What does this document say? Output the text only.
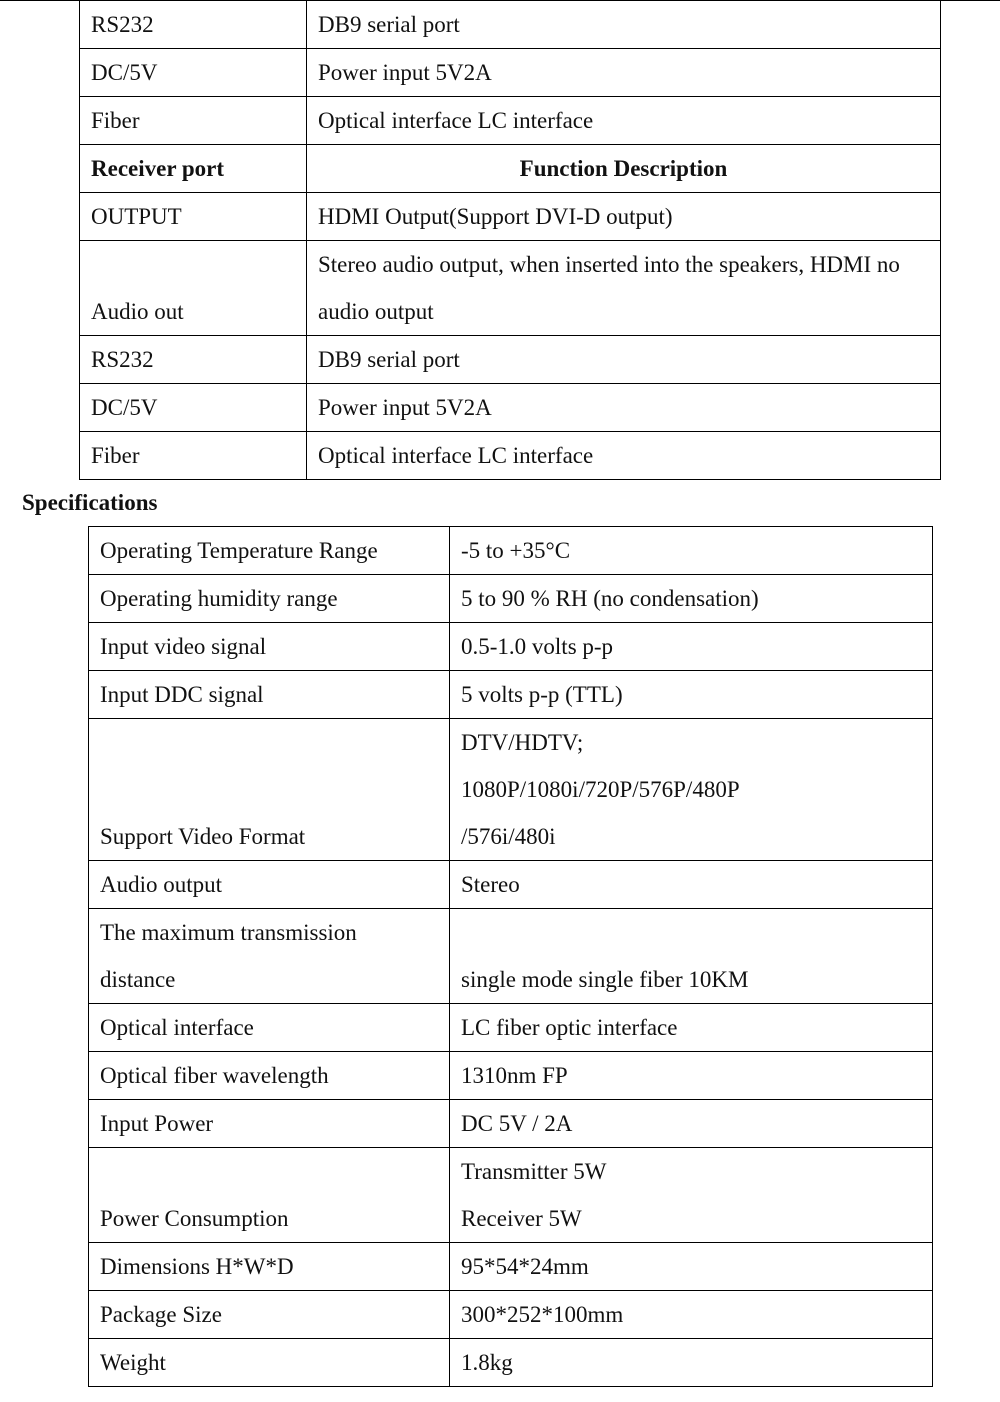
RS232	DB9 serial port

DC/5V	Power input 5V2A

Fiber	Optical interface LC interface

Receiver port	Function Description
OUTPUT	HDMI Output(Support DVI-D output)

Audio out	Stereo audio output, when inserted into the speakers, HDMI no
audio output

RS232	DB9 serial port

DC/5V	Power input 5V2A

Fiber	Optical interface LC interface
Specifications
Operating Temperature Range	-5 to +35°C

Operating humidity range	5 to 90 % RH (no condensation)

Input video signal	0.5-1.0 volts p-p

Input DDC signal	5 volts p-p (TTL)

Support Video Format	DTV/HDTV;
1080P/1080i/720P/576P/480P
/576i/480i

Audio output	Stereo

The maximum transmission
distance	single mode single fiber 10KM

Optical interface	LC fiber optic interface

Optical fiber wavelength	1310nm FP

Input Power	DC 5V / 2A

Power Consumption	Transmitter 5W
Receiver 5W

Dimensions H*W*D	95*54*24mm

Package Size	300*252*100mm

Weight	1.8kg
